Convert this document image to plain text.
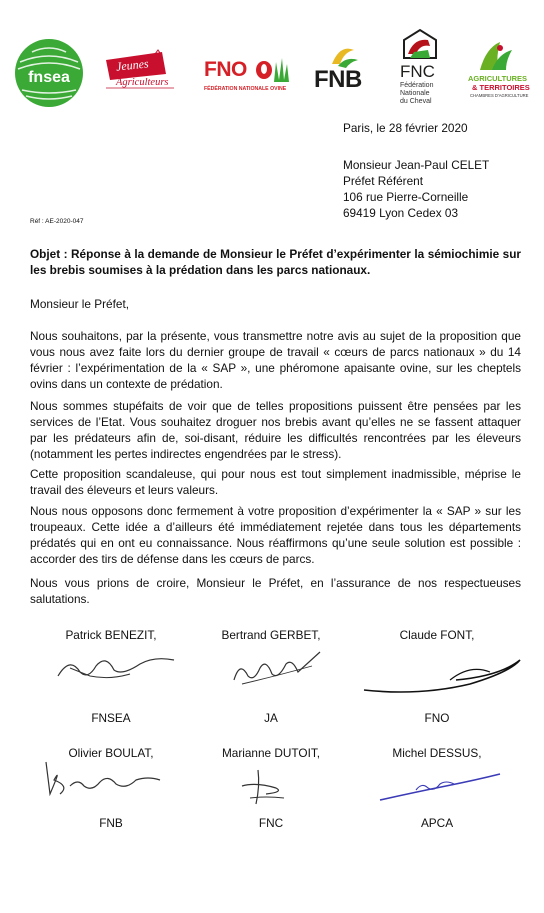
fnsea
Jeunes
Agriculteurs
FNO
FÉDÉRATION NATIONALE OVINE FNB FNC
Fédération
Nationale
du Cheval
AGRICULTURES
& TERRITOIRES
CHAMBRES D'AGRICULTURE
Paris, le 28 février 2020
Monsieur Jean-Paul CELET
Préfet Référent
106 rue Pierre-Corneille
69419 Lyon Cedex 03
Réf : AE-2020-047
Objet : Réponse à la demande de Monsieur le Préfet d’expérimenter la sémiochimie sur les brebis soumises à la prédation dans les parcs nationaux.
Monsieur le Préfet,
Nous souhaitons, par la présente, vous transmettre notre avis au sujet de la proposition que vous nous avez faite lors du dernier groupe de travail « cœurs de parcs nationaux » du 14 février : l’expérimentation de la « SAP », une phéromone apaisante ovine, sur les cheptels ovins dans un contexte de prédation.
Nous sommes stupéfaits de voir que de telles propositions puissent être pensées par les services de l’Etat. Vous souhaitez droguer nos brebis avant qu’elles ne se fassent attaquer par les prédateurs afin de, soi-disant, réduire les difficultés rencontrées par les éleveurs (notamment les pertes indirectes engendrées par le stress).
Cette proposition scandaleuse, qui pour nous est tout simplement inadmissible, méprise le travail des éleveurs et leurs valeurs.
Nous nous opposons donc fermement à votre proposition d’expérimenter la « SAP » sur les troupeaux. Cette idée a d’ailleurs été immédiatement rejetée dans tous les départements prédatés qui en ont eu connaissance. Nous réaffirmons qu’une seule solution est possible : accorder des tirs de défense dans les cœurs de parcs.
Nous vous prions de croire, Monsieur le Préfet, en l’assurance de nos respectueuses salutations.
Patrick BENEZIT,	Bertrand GERBET,	Claude FONT,
FNSEA	JA	FNO
Olivier BOULAT,	Marianne DUTOIT,	Michel DESSUS,
FNB	FNC	APCA
